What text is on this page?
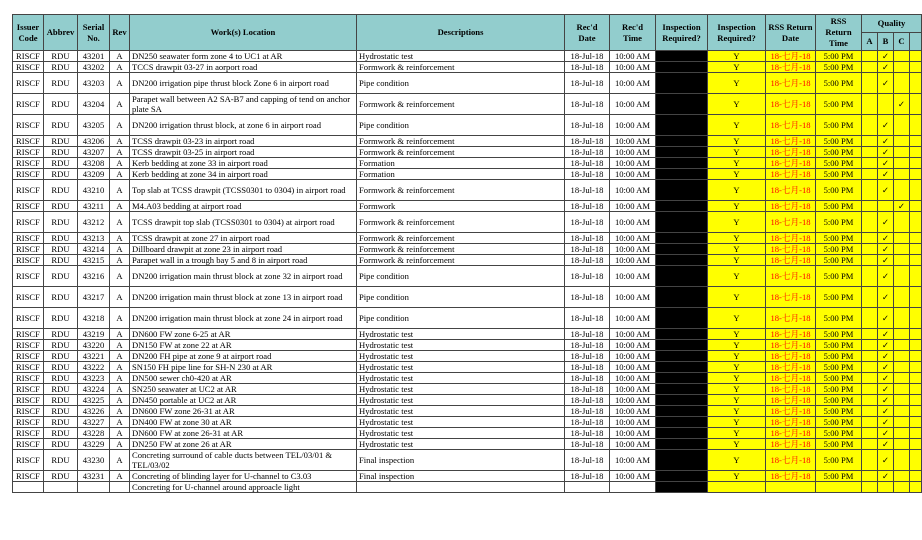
Issuer Code	Abbrev	Serial No.	Rev	Work(s) Location	Descriptions	Rec'd Date	Rec'd Time	Inspection Required?	Inspection Required?	RSS Return Date	RSS Return Time	Quality			
												A	B	C	
RISCF	RDU	43201	A	DN250 seawater form zone 4 to UC1 at AR	Hydrostatic test	18-Jul-18	10:00 AM		Y	18-七月-18	5:00 PM		✓		
RISCF	RDU	43202	A	TCCS drawpit 03-27 in aorport road	Formwork & reinforcement	18-Jul-18	10:00 AM		Y	18-七月-18	5:00 PM		✓		
RISCF	RDU	43203	A	DN200 irrigation pipe thrust block Zone 6 in airport road	Pipe condition	18-Jul-18	10:00 AM		Y	18-七月-18	5:00 PM		✓		
RISCF	RDU	43204	A	Parapet wall between A2 SA-B7 and capping of tend on anchor plate SA	Formwork & reinforcement	18-Jul-18	10:00 AM		Y	18-七月-18	5:00 PM			✓	
RISCF	RDU	43205	A	DN200 irrigation thrust block, at zone 6 in airport road	Pipe condition	18-Jul-18	10:00 AM		Y	18-七月-18	5:00 PM		✓		
RISCF	RDU	43206	A	TCSS drawpit 03-23 in airport road	Formwork & reinforcement	18-Jul-18	10:00 AM		Y	18-七月-18	5:00 PM		✓		
RISCF	RDU	43207	A	TCSS drawpit 03-25 in airport road	Formwork & reinforcement	18-Jul-18	10:00 AM		Y	18-七月-18	5:00 PM		✓		
RISCF	RDU	43208	A	Kerb bedding at zone 33 in airport road	Formation	18-Jul-18	10:00 AM		Y	18-七月-18	5:00 PM		✓		
RISCF	RDU	43209	A	Kerb bedding at zone 34 in airport road	Formation	18-Jul-18	10:00 AM		Y	18-七月-18	5:00 PM		✓		
RISCF	RDU	43210	A	Top slab at TCSS drawpit (TCSS0301 to 0304) in airport road	Formwork & reinforcement	18-Jul-18	10:00 AM		Y	18-七月-18	5:00 PM		✓		
RISCF	RDU	43211	A	M4.A03 bedding at airport road	Formwork	18-Jul-18	10:00 AM		Y	18-七月-18	5:00 PM			✓	
RISCF	RDU	43212	A	TCSS drawpit top slab (TCSS0301 to 0304) at airport road	Formwork & reinforcement	18-Jul-18	10:00 AM		Y	18-七月-18	5:00 PM		✓		
RISCF	RDU	43213	A	TCSS drawpit at zone 27 in airport road	Formwork & reinforcement	18-Jul-18	10:00 AM		Y	18-七月-18	5:00 PM		✓		
RISCF	RDU	43214	A	Dillboard drawpit at zone 23 in airport road	Formwork & reinforcement	18-Jul-18	10:00 AM		Y	18-七月-18	5:00 PM		✓		
RISCF	RDU	43215	A	Parapet wall in a trough bay 5 and 8 in airport road	Formwork & reinforcement	18-Jul-18	10:00 AM		Y	18-七月-18	5:00 PM		✓		
RISCF	RDU	43216	A	DN200 irrigation main thrust block at zone 32 in airport road	Pipe condition	18-Jul-18	10:00 AM		Y	18-七月-18	5:00 PM		✓		
RISCF	RDU	43217	A	DN200 irrigation main thrust block at zone 13 in airport road	Pipe condition	18-Jul-18	10:00 AM		Y	18-七月-18	5:00 PM		✓		
RISCF	RDU	43218	A	DN200 irrigation main thrust block at zone 24 in airport road	Pipe condition	18-Jul-18	10:00 AM		Y	18-七月-18	5:00 PM		✓		
RISCF	RDU	43219	A	DN600 FW zone 6-25 at AR	Hydrostatic test	18-Jul-18	10:00 AM		Y	18-七月-18	5:00 PM		✓		
RISCF	RDU	43220	A	DN150 FW at zone 22 at AR	Hydrostatic test	18-Jul-18	10:00 AM		Y	18-七月-18	5:00 PM		✓		
RISCF	RDU	43221	A	DN200 FH pipe at zone 9 at airport road	Hydrostatic test	18-Jul-18	10:00 AM		Y	18-七月-18	5:00 PM		✓		
RISCF	RDU	43222	A	SN150 FH pipe line for SH-N 230 at AR	Hydrostatic test	18-Jul-18	10:00 AM		Y	18-七月-18	5:00 PM		✓		
RISCF	RDU	43223	A	DN500 sewer ch0-420 at AR	Hydrostatic test	18-Jul-18	10:00 AM		Y	18-七月-18	5:00 PM		✓		
RISCF	RDU	43224	A	SN250 seawater at UC2 at AR	Hydrostatic test	18-Jul-18	10:00 AM		Y	18-七月-18	5:00 PM		✓		
RISCF	RDU	43225	A	DN450 portable at UC2 at AR	Hydrostatic test	18-Jul-18	10:00 AM		Y	18-七月-18	5:00 PM		✓		
RISCF	RDU	43226	A	DN600 FW zone 26-31 at AR	Hydrostatic test	18-Jul-18	10:00 AM		Y	18-七月-18	5:00 PM		✓		
RISCF	RDU	43227	A	DN400 FW at zone 30 at AR	Hydrostatic test	18-Jul-18	10:00 AM		Y	18-七月-18	5:00 PM		✓		
RISCF	RDU	43228	A	DN600 FW at zone 26-31 at AR	Hydrostatic test	18-Jul-18	10:00 AM		Y	18-七月-18	5:00 PM		✓		
RISCF	RDU	43229	A	DN250 FW at zone 26 at AR	Hydrostatic test	18-Jul-18	10:00 AM		Y	18-七月-18	5:00 PM		✓		
RISCF	RDU	43230	A	Concreting surround of cable ducts between TEL/03/01 & TEL/03/02	Final inspection	18-Jul-18	10:00 AM		Y	18-七月-18	5:00 PM		✓		
RISCF	RDU	43231	A	Concreting of blinding layer for U-channel to C3.03	Final inspection	18-Jul-18	10:00 AM		Y	18-七月-18	5:00 PM		✓		
				Concreting for U-channel around approacle light											
